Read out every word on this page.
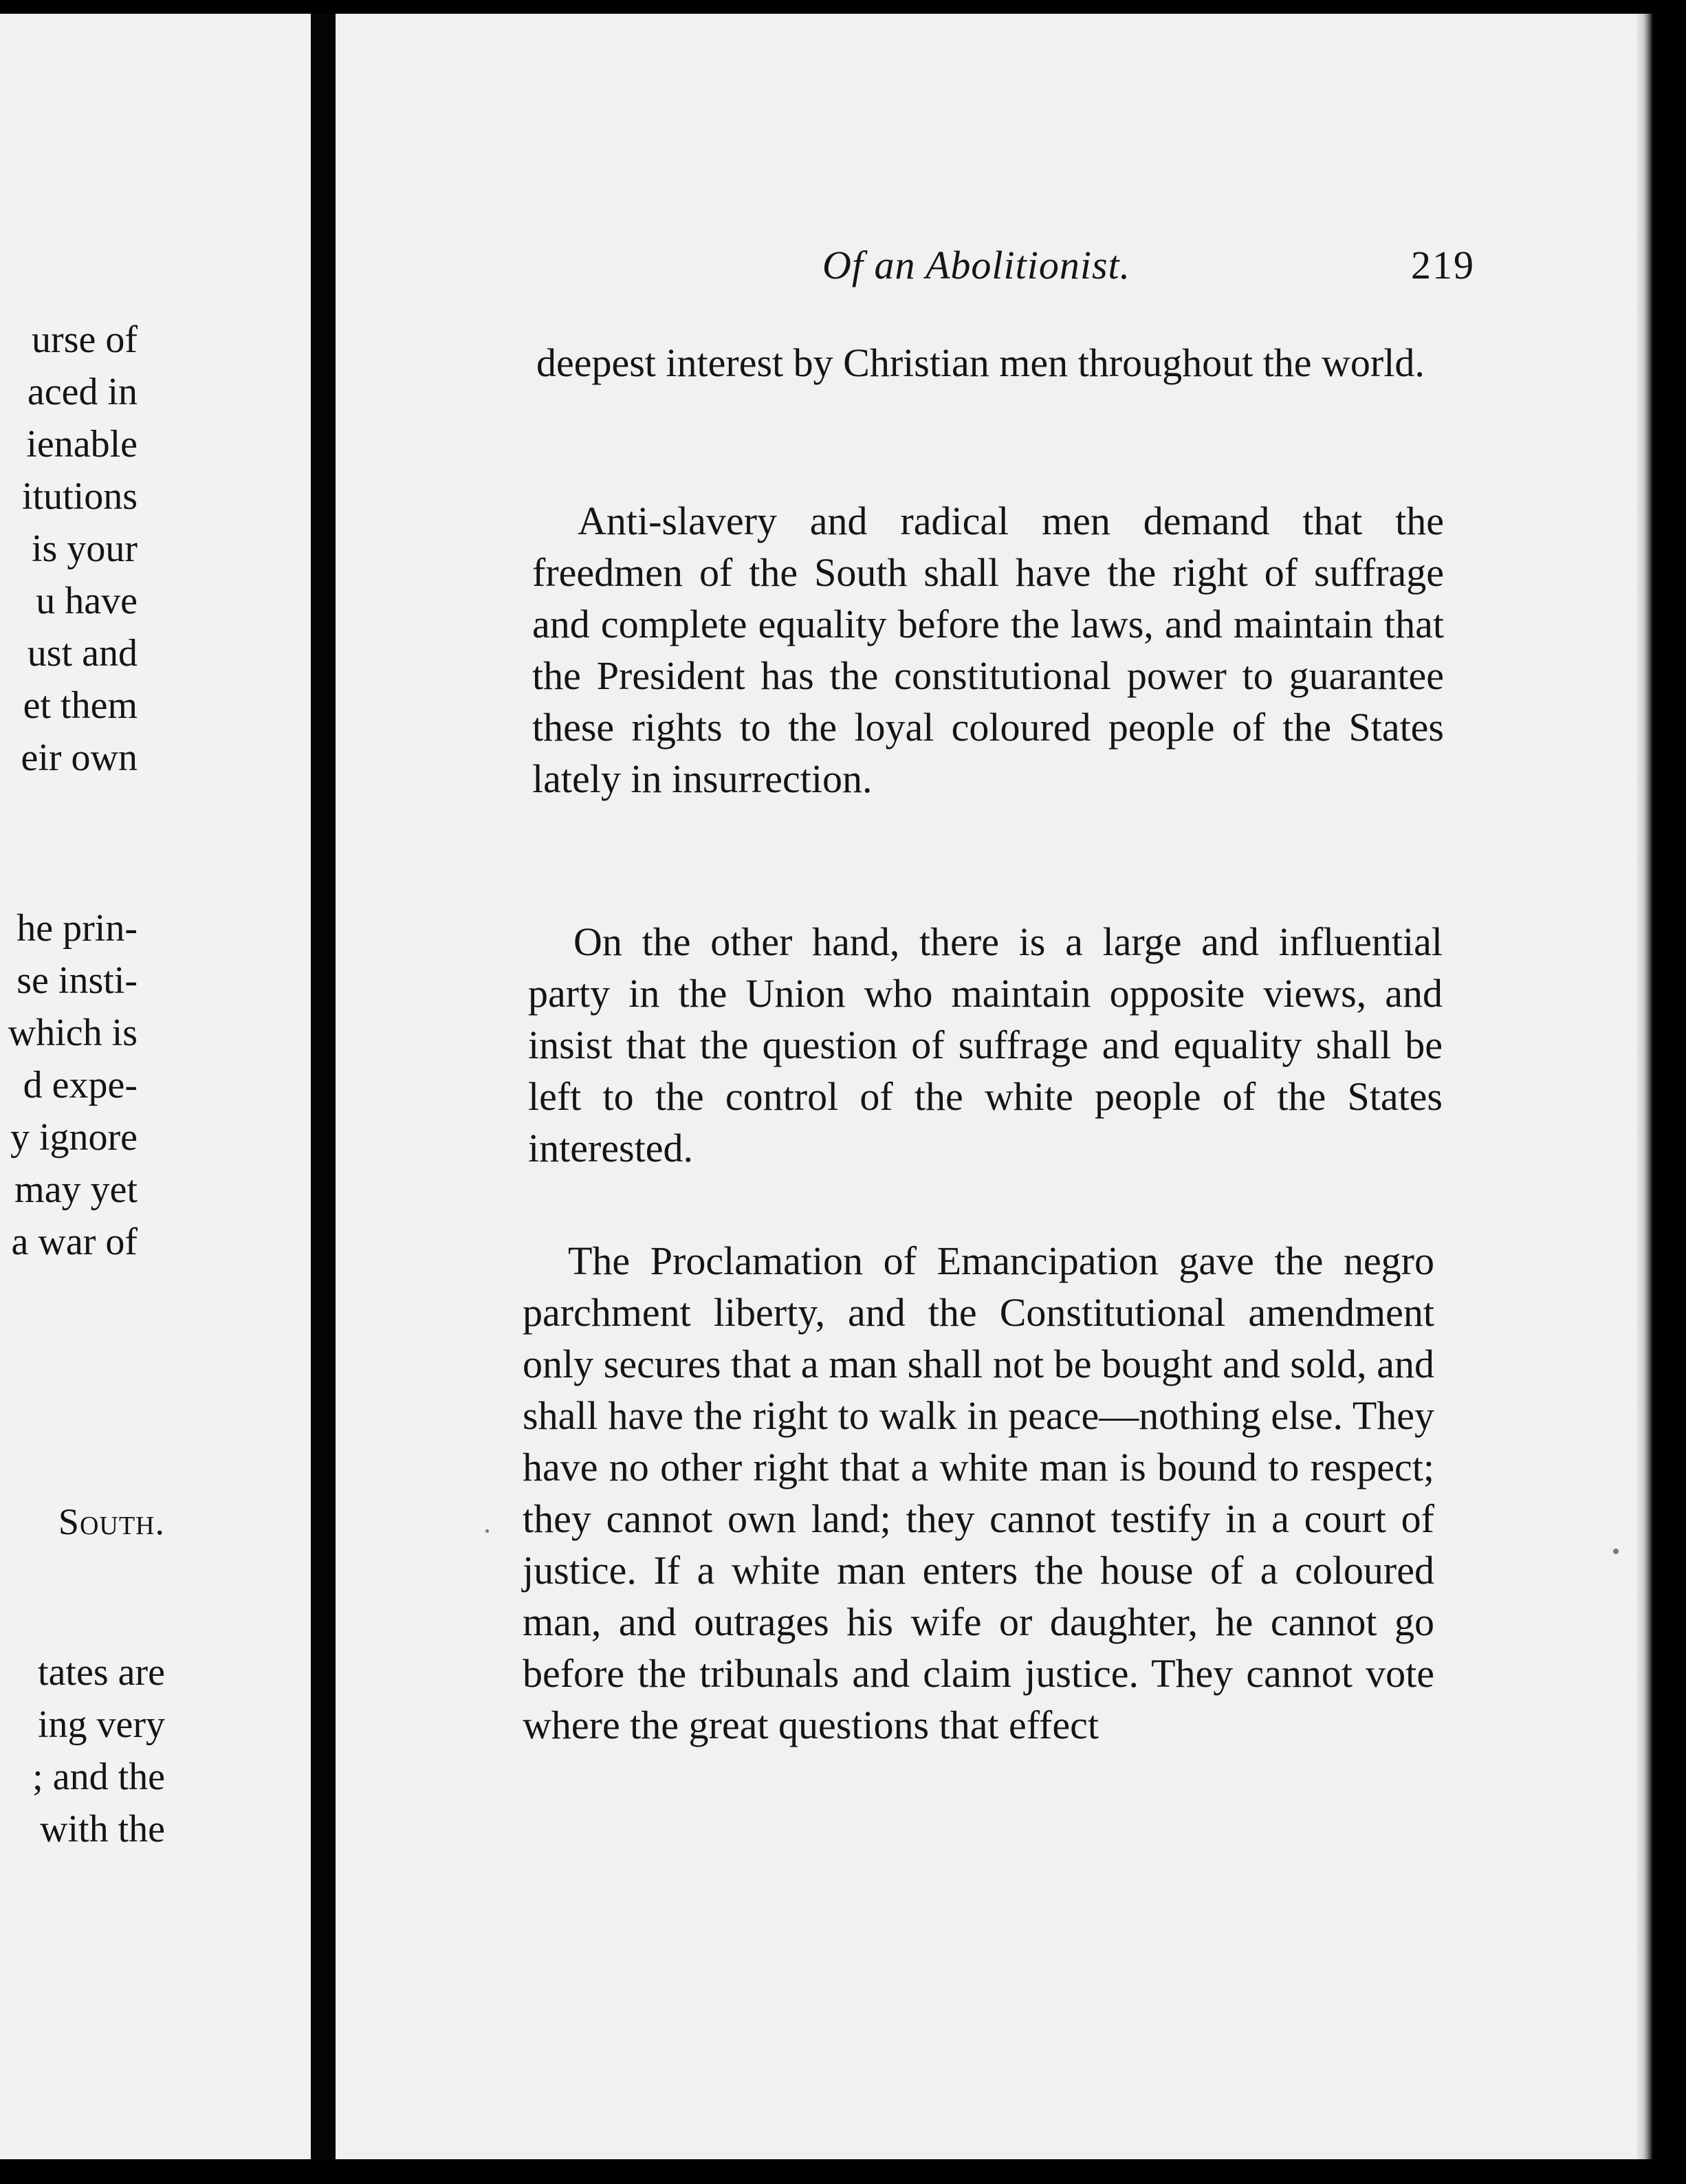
urse of
aced in
ienable
itutions
is your
u have
ust and
et them
eir own
he prin-
se insti-
which is
d expe-
y ignore
may yet
a war of
South.
tates are
ing very
; and the
with the
Of an Abolitionist.	219
deepest interest by Christian men throughout the world.
Anti-slavery and radical men demand that the freedmen of the South shall have the right of suffrage and complete equality before the laws, and maintain that the President has the constitutional power to guarantee these rights to the loyal coloured people of the States lately in insurrection.
On the other hand, there is a large and influential party in the Union who maintain opposite views, and insist that the question of suffrage and equality shall be left to the control of the white people of the States interested.
The Proclamation of Emancipation gave the negro parchment liberty, and the Constitutional amendment only secures that a man shall not be bought and sold, and shall have the right to walk in peace—nothing else. They have no other right that a white man is bound to respect; they cannot own land; they cannot testify in a court of justice. If a white man enters the house of a coloured man, and outrages his wife or daughter, he cannot go before the tribunals and claim justice. They cannot vote where the great questions that effect
